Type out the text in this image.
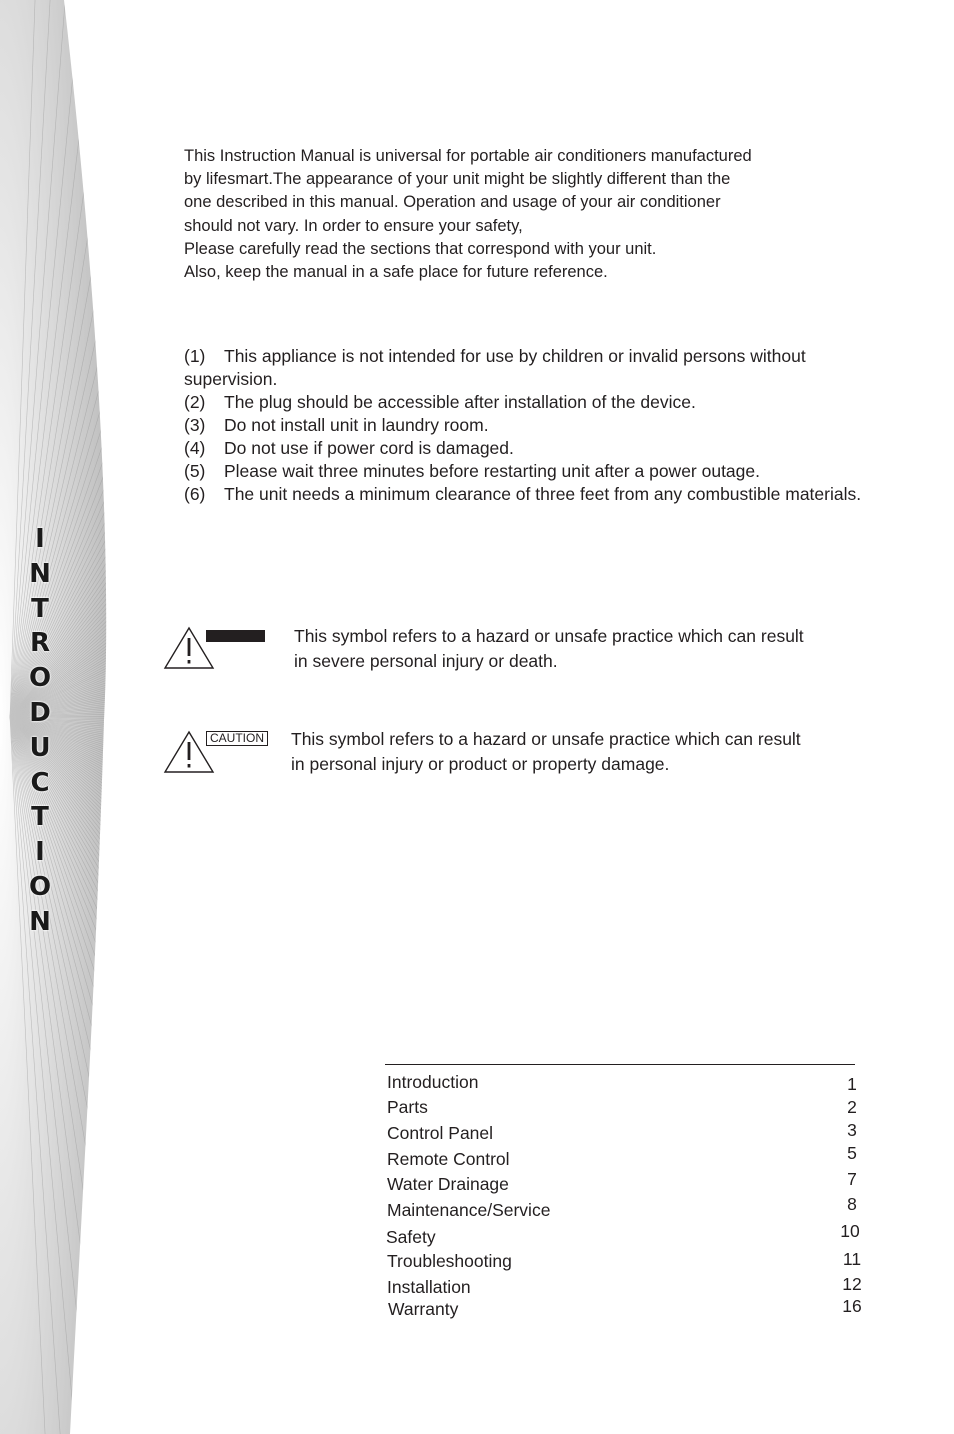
I
N
T
R
O
D
U
C
T
I
O
N
This Instruction Manual is universal for portable air conditioners manufactured
by lifesmart.The appearance of your unit might be slightly different than the
one described in this manual. Operation and usage of your air conditioner
should not vary. In order to ensure your safety,
Please carefully read the sections that correspond with your unit.
Also, keep the manual in a safe place for future reference.
(1) This appliance is not intended for use by children or invalid persons without
supervision.
(2) The plug should be accessible after installation of the device.
(3) Do not install unit in laundry room.
(4) Do not use if power cord is damaged.
(5) Please wait three minutes before restarting unit after a power outage.
(6) The unit needs a minimum clearance of three feet from any combustible materials.
This symbol refers to a hazard or unsafe practice which can result
in severe personal injury or death.
CAUTION This symbol refers to a hazard or unsafe practice which can result
in personal injury or product or property damage.
Introduction	1
Parts	2
Control Panel	3
Remote Control	5
Water Drainage	7
Maintenance/Service	8
Safety	10
Troubleshooting	11
Installation	12
Warranty	16
